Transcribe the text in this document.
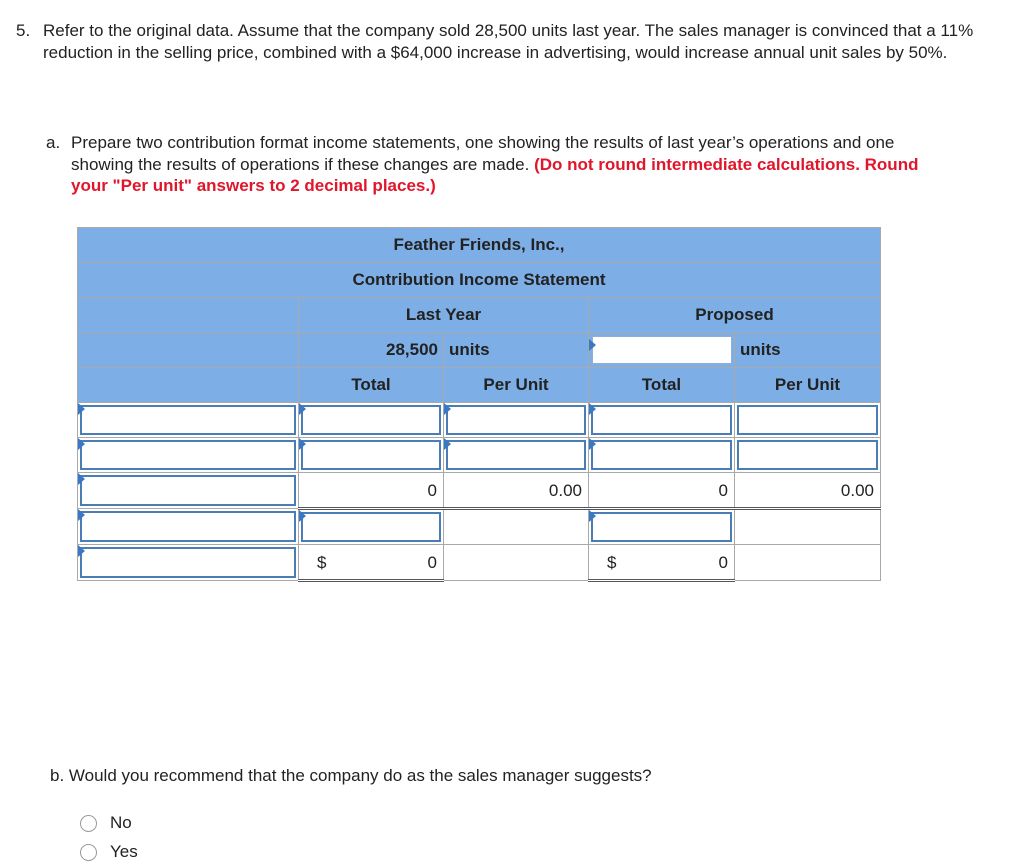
5. Refer to the original data. Assume that the company sold 28,500 units last year. The sales manager is convinced that a 11% reduction in the selling price, combined with a $64,000 increase in advertising, would increase annual unit sales by 50%.
a. Prepare two contribution format income statements, one showing the results of last year’s operations and one showing the results of operations if these changes are made. (Do not round intermediate calculations. Round your "Per unit" answers to 2 decimal places.)
Feather Friends, Inc.,				
Contribution Income Statement				
	Last Year		Proposed	
	28,500	units		units
	Total	Per Unit	Total	Per Unit

	0	0.00	0	0.00

	$ 0		$ 0	

b. Would you recommend that the company do as the sales manager suggests?
No
Yes
